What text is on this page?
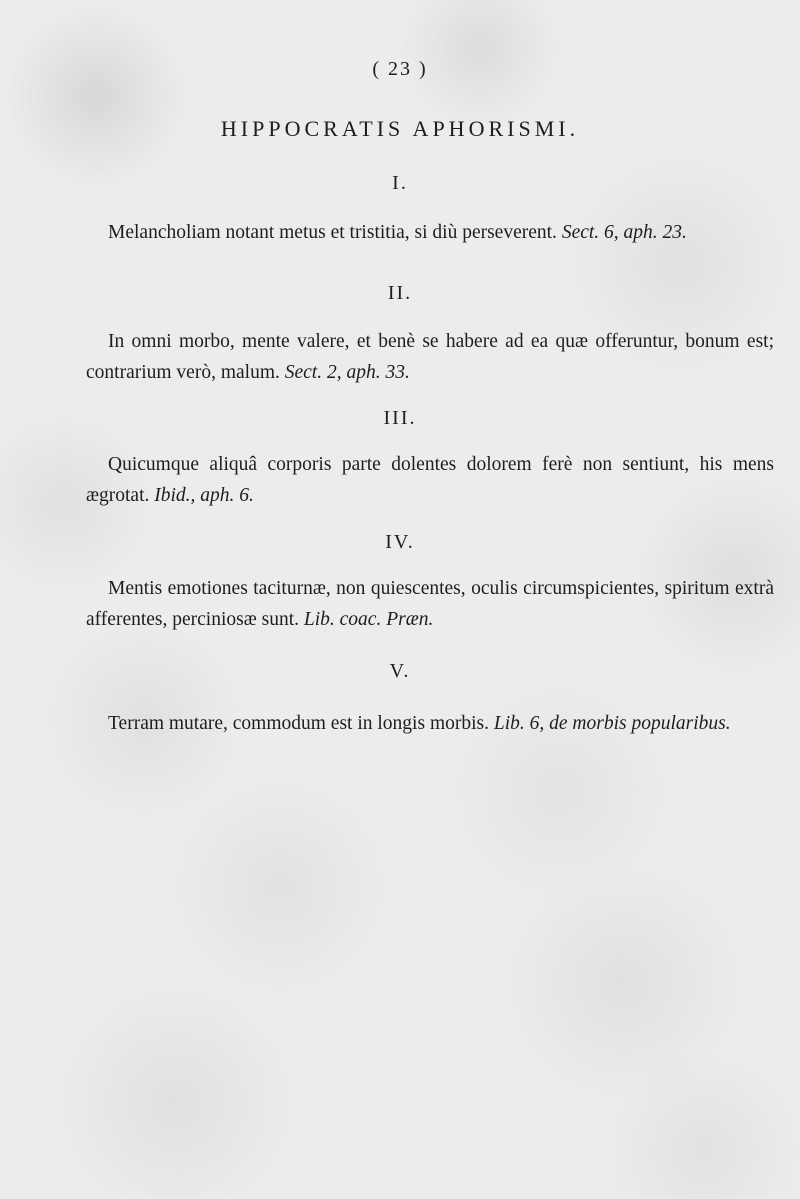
( 23 )
HIPPOCRATIS APHORISMI.
I.
Melancholiam notant metus et tristitia, si diù perseverent. Sect. 6, aph. 23.
II.
In omni morbo, mente valere, et benè se habere ad ea quæ offeruntur, bonum est; contrarium verò, malum. Sect. 2, aph. 33.
III.
Quicumque aliquâ corporis parte dolentes dolorem ferè non sentiunt, his mens ægrotat. Ibid., aph. 6.
IV.
Mentis emotiones taciturnæ, non quiescentes, oculis circumspicientes, spiritum extrà afferentes, perciniosæ sunt. Lib. coac. Præn.
V.
Terram mutare, commodum est in longis morbis. Lib. 6, de morbis popularibus.
